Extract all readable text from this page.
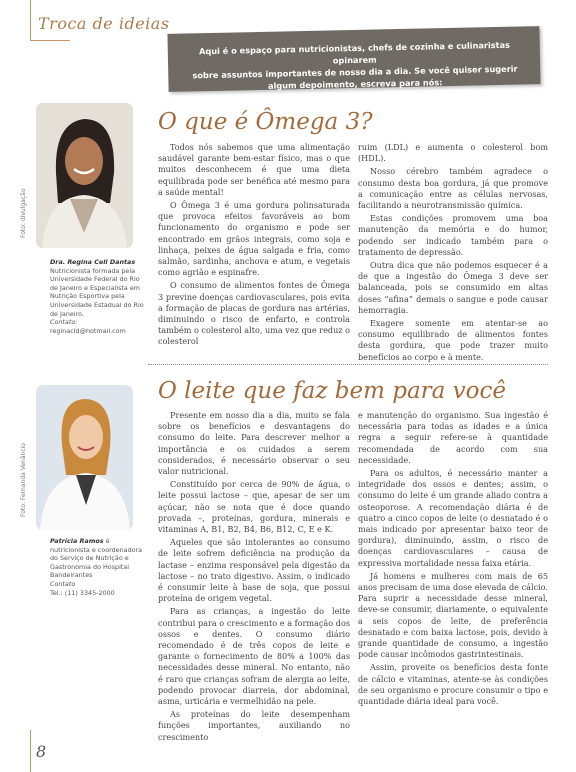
Troca de ideias
Aqui é o espaço para nutricionistas, chefs de cozinha e culinaristas opinarem
sobre assuntos importantes de nosso dia a dia. Se você quiser sugerir
algum depoimento, escreva para nós: cozinhafacafacil@editoraonline.com.br
Foto: divulgação
Dra. Regina Celi Dantas
Nutricionista formada pela Universidade Federal do Rio de Janeiro e Especialista em Nutrição Esportiva pela Universidade Estadual do Rio de Janeiro.
Contato:
reginacld@hotmail.com
O que é Ômega 3?

Todos nós sabemos que uma alimentação saudável garante bem-estar físico, mas o que muitos desconhecem é que uma dieta equilibrada pode ser benéfica até mesmo para a saúde mental!

O Ômega 3 é uma gordura polinsaturada que provoca efeitos favoráveis ao bom funcionamento do organismo e pode ser encontrado em grãos integrais, como soja e linhaça, peixes de água salgada e fria, como salmão, sardinha, anchova e atum, e vegetais como agrião e espinafre.

O consumo de alimentos fontes de Ômega 3 previne doenças cardiovasculares, pois evita a formação de placas de gordura nas artérias, diminuindo o risco de enfarto, e controla também o colesterol alto, uma vez que reduz o colesterol

ruim (LDL) e aumenta o colesterol bom (HDL).

Nosso cérebro também agradece o consumo desta boa gordura, já que promove a comunicação entre as células nervosas, facilitando a neurotransmissão química.

Estas condições promovem uma boa manutenção da memória e do humor, podendo ser indicado também para o tratamento de depressão.

Outra dica que não podemos esquecer é a de que a ingestão do Ômega 3 deve ser balanceada, pois se consumido em altas doses “afina” demais o sangue e pode causar hemorragia.

Exagere somente em atentar-se ao consumo equilibrado de alimentos fontes desta gordura, que pode trazer muito benefícios ao corpo e à mente.

Foto: Fernanda Venâncio
Patrícia Ramos é nutricionista e coordenadora do Serviço de Nutrição e Gastronomia do Hospital Bandeirantes
Contato
Tel.: (11) 3345-2000
O leite que faz bem para você

Presente em nosso dia a dia, muito se fala sobre os benefícios e desvantagens do consumo do leite. Para descrever melhor a importância e os cuidados a serem considerados, é necessário observar o seu valor nutricional.

Constituído por cerca de 90% de água, o leite possui lactose – que, apesar de ser um açúcar, não se nota que é doce quando provada –, proteínas, gordura, minerais e vitaminas A, B1, B2, B4, B6, B12, C, E e K.

Aqueles que são intolerantes ao consumo de leite sofrem deficiência na produção da lactase – enzima responsável pela digestão da lactose – no trato digestivo. Assim, o indicado é consumir leite à base de soja, que possui proteína de origem vegetal.

Para as crianças, a ingestão do leite contribui para o crescimento e a formação dos ossos e dentes. O consumo diário recomendado é de três copos de leite e garante o fornecimento de 80% a 100% das necessidades desse mineral. No entanto, não é raro que crianças sofram de alergia ao leite, podendo provocar diarreia, dor abdominal, asma, urticária e vermelhidão na pele.

As proteínas do leite desempenham funções importantes, auxiliando no crescimento

e manutenção do organismo. Sua ingestão é necessária para todas as idades e a única regra a seguir refere-se à quantidade recomendada de acordo com sua necessidade.

Para os adultos, é necessário manter a integridade dos ossos e dentes; assim, o consumo do leite é um grande aliado contra a osteoporose. A recomendação diária é de quatro a cinco copos de leite (o desnatado é o mais indicado por apresentar baixo teor de gordura), diminuindo, assim, o risco de doenças cardiovasculares – causa de expressiva mortalidade nessa faixa etária.

Já homens e mulheres com mais de 65 anos precisam de uma dose elevada de cálcio. Para suprir a necessidade desse mineral, deve-se consumir, diariamente, o equivalente a seis copos de leite, de preferência desnatado e com baixa lactose, pois, devido à grande quantidade de consumo, a ingestão pode causar incômodos gastrintestinais.

Assim, proveite os benefícios desta fonte de cálcio e vitaminas, atente-se às condições de seu organismo e procure consumir o tipo e quantidade diária ideal para você.

8
